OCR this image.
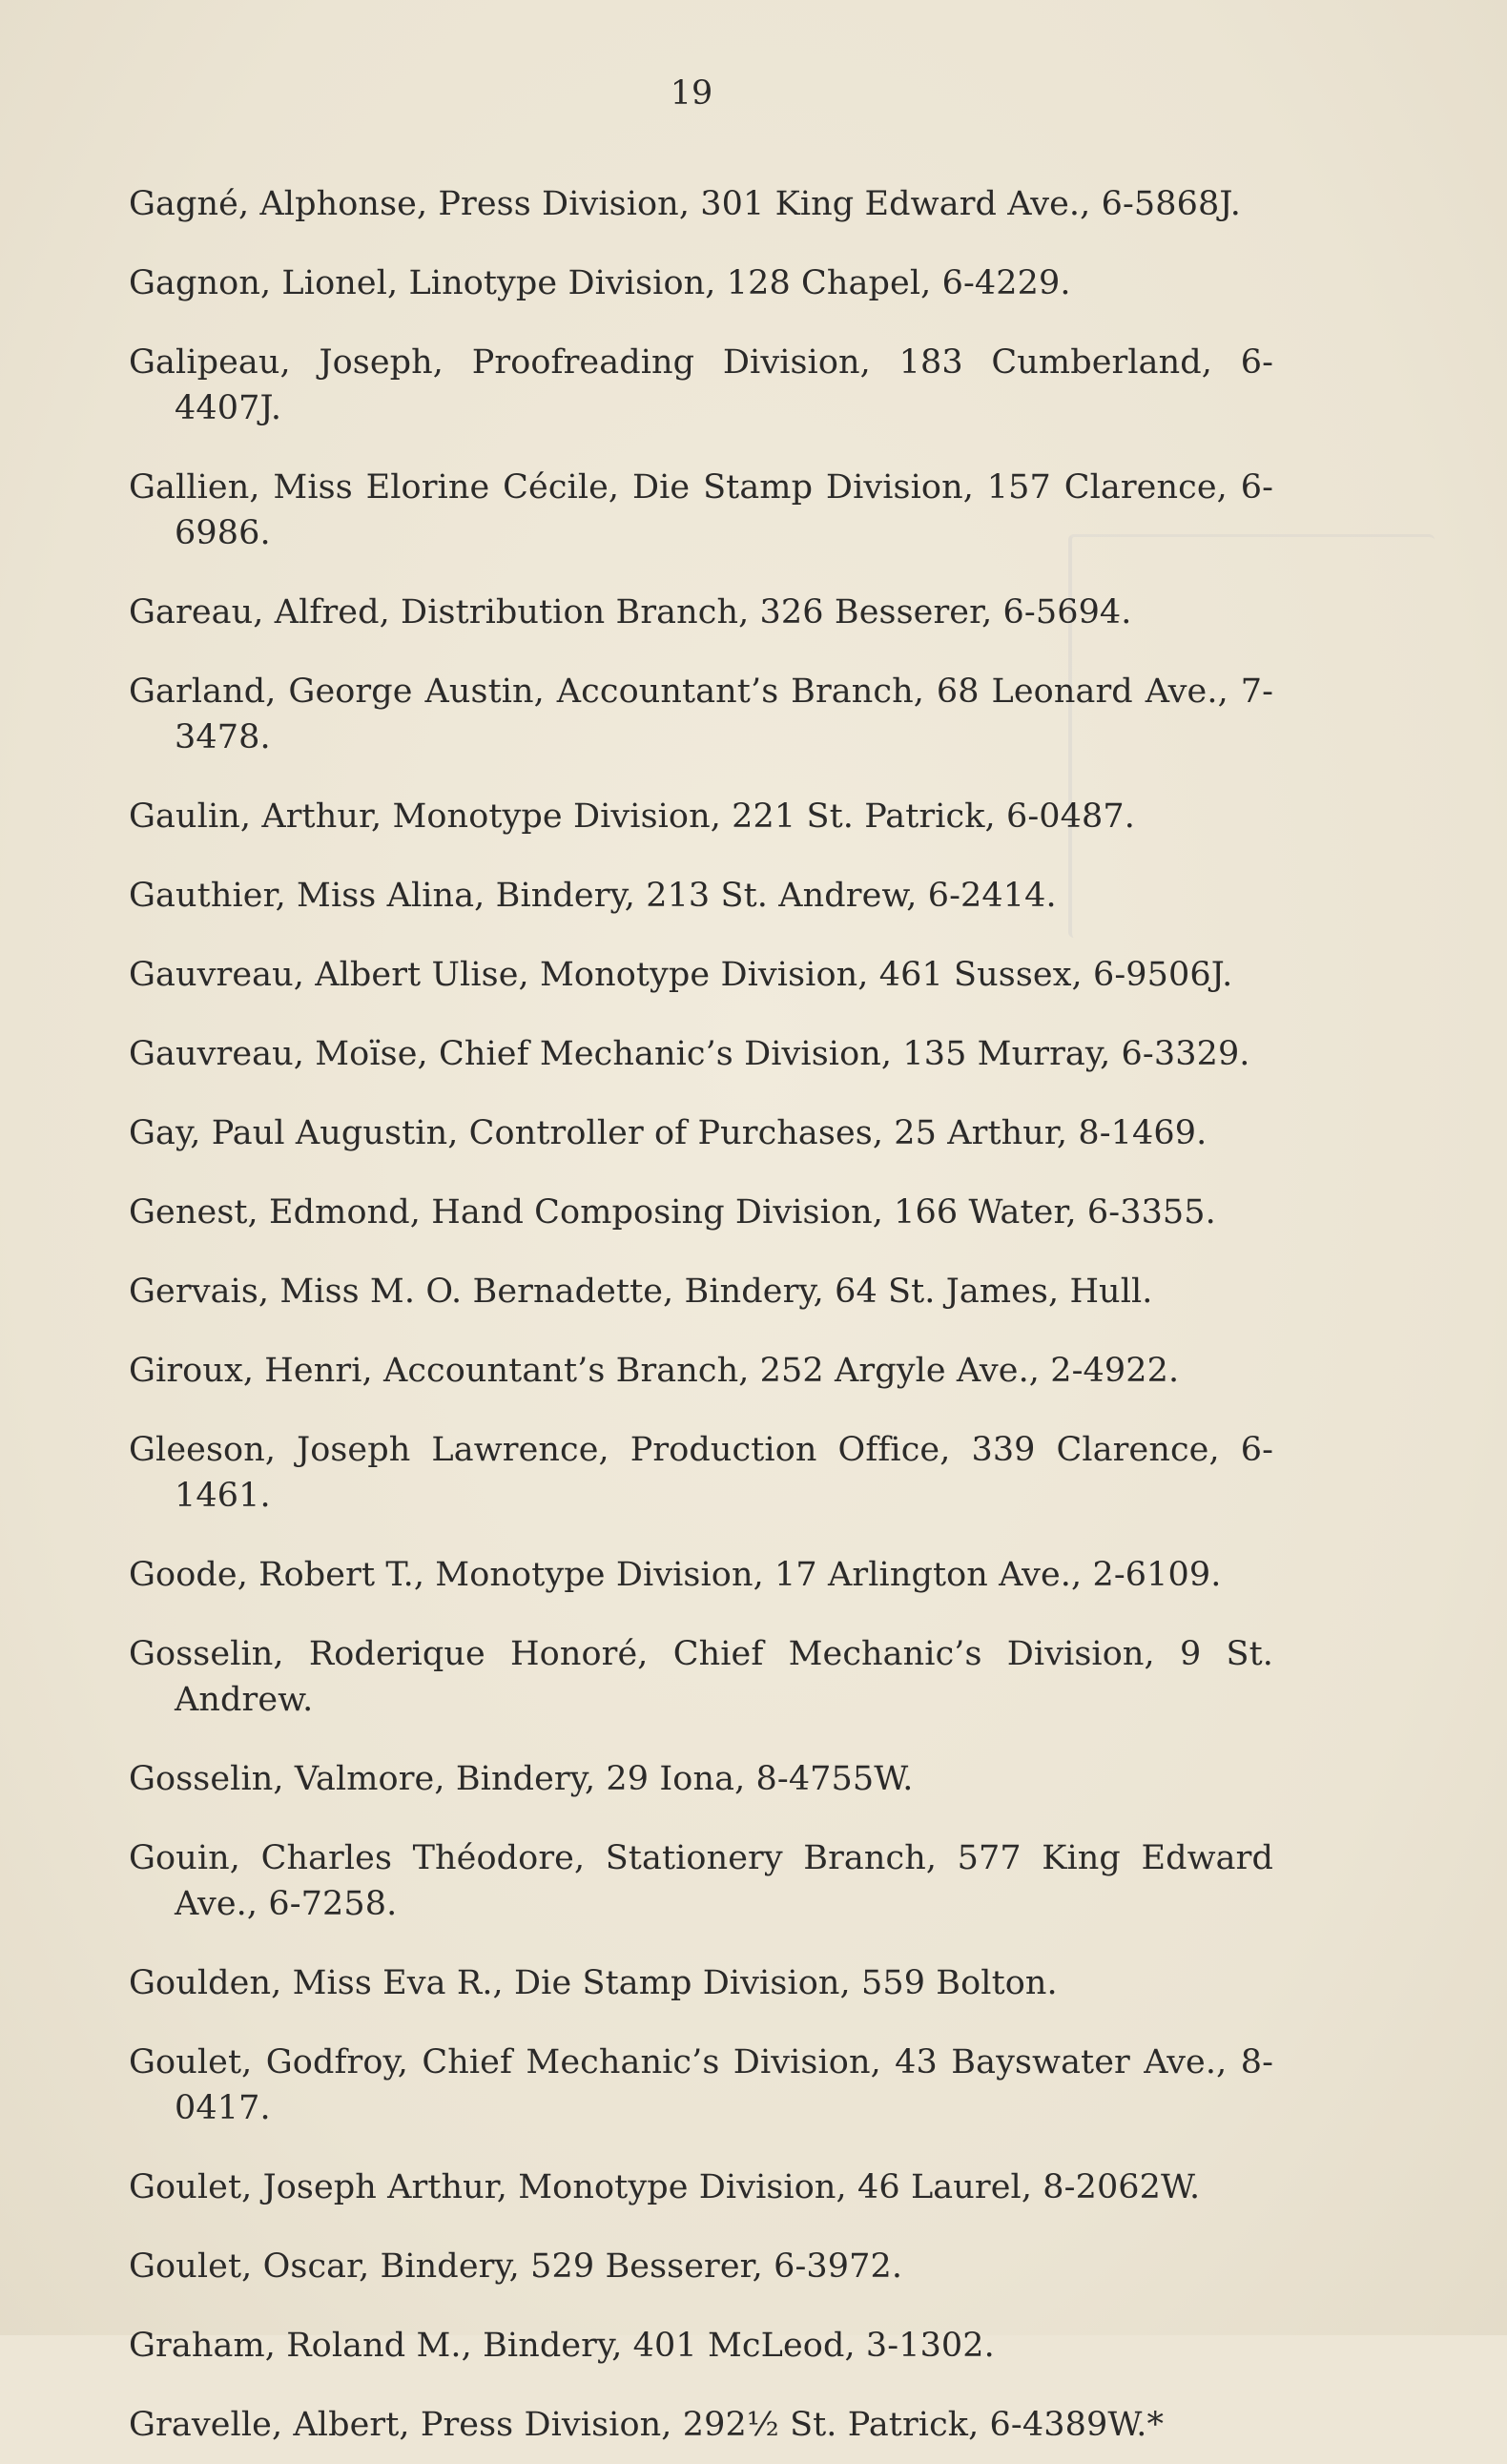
19

Gagné, Alphonse, Press Division, 301 King Edward Ave., 6-5868J.

Gagnon, Lionel, Linotype Division, 128 Chapel, 6-4229.

Galipeau, Joseph, Proofreading Division, 183 Cumberland, 6-4407J.

Gallien, Miss Elorine Cécile, Die Stamp Division, 157 Clarence, 6-6986.

Gareau, Alfred, Distribution Branch, 326 Besserer, 6-5694.

Garland, George Austin, Accountant’s Branch, 68 Leonard Ave., 7-3478.

Gaulin, Arthur, Monotype Division, 221 St. Patrick, 6-0487.

Gauthier, Miss Alina, Bindery, 213 St. Andrew, 6-2414.

Gauvreau, Albert Ulise, Monotype Division, 461 Sussex, 6-9506J.

Gauvreau, Moïse, Chief Mechanic’s Division, 135 Murray, 6-3329.

Gay, Paul Augustin, Controller of Purchases, 25 Arthur, 8-1469.

Genest, Edmond, Hand Composing Division, 166 Water, 6-3355.

Gervais, Miss M. O. Bernadette, Bindery, 64 St. James, Hull.

Giroux, Henri, Accountant’s Branch, 252 Argyle Ave., 2-4922.

Gleeson, Joseph Lawrence, Production Office, 339 Clarence, 6-1461.

Goode, Robert T., Monotype Division, 17 Arlington Ave., 2-6109.

Gosselin, Roderique Honoré, Chief Mechanic’s Division, 9 St. Andrew.

Gosselin, Valmore, Bindery, 29 Iona, 8-4755W.

Gouin, Charles Théodore, Stationery Branch, 577 King Edward Ave., 6-7258.

Goulden, Miss Eva R., Die Stamp Division, 559 Bolton.

Goulet, Godfroy, Chief Mechanic’s Division, 43 Bayswater Ave., 8-0417.

Goulet, Joseph Arthur, Monotype Division, 46 Laurel, 8-2062W.

Goulet, Oscar, Bindery, 529 Besserer, 6-3972.

Graham, Roland M., Bindery, 401 McLeod, 3-1302.

Gravelle, Albert, Press Division, 292½ St. Patrick, 6-4389W.*
